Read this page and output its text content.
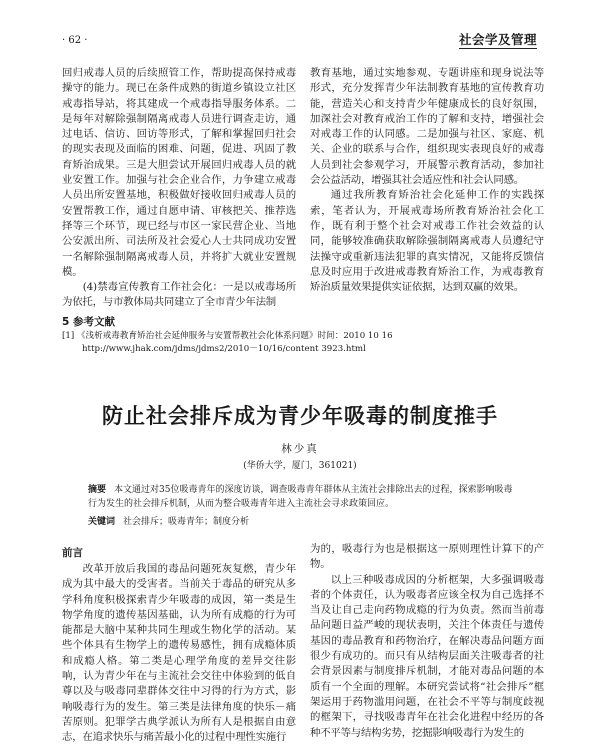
· 62 ·	社会学及管理

回归戒毒人员的后续照管工作，帮助提高保持戒毒操守的能力。现已在条件成熟的街道乡镇设立社区戒毒指导站，将其建成一个戒毒指导服务体系。二是每年对解除强制隔离戒毒人员进行调查走访，通过电话、信访、回访等形式，了解和掌握回归社会的现实表现及面临的困难、问题，促进、巩固了教育矫治成果。三是大胆尝试开展回归戒毒人员的就业安置工作。加强与社会企业合作，力争建立戒毒人员出所安置基地，积极做好接收回归戒毒人员的安置帮教工作，通过自愿申请、审核把关、推荐选择等三个环节，现已经与市区一家民营企业、当地公安派出所、司法所及社会爱心人士共同成功安置一名解除强制隔离戒毒人员，并将扩大就业安置规模。

(4)禁毒宣传教育工作社会化：一是以戒毒场所为依托，与市教体局共同建立了全市青少年法制

教育基地，通过实地参观、专题讲座和现身说法等形式，充分发挥青少年法制教育基地的宣传教育功能，营造关心和支持青少年健康成长的良好氛围，加深社会对教育戒治工作的了解和支持，增强社会对戒毒工作的认同感。二是加强与社区、家庭、机关、企业的联系与合作，组织现实表现良好的戒毒人员到社会参观学习，开展警示教育活动，参加社会公益活动，增强其社会适应性和社会认同感。

通过我所教育矫治社会化延伸工作的实践探索，笔者认为，开展戒毒场所教育矫治社会化工作，既有利于整个社会对戒毒工作社会效益的认同，能够较准确获取解除强制隔离戒毒人员遵纪守法操守或重新违法犯罪的真实情况，又能将反馈信息及时应用于改进戒毒教育矫治工作，为戒毒教育矫治质量效果提供实证依据，达到双赢的效果。

5 参考文献
[1] 《浅析戒毒教育矫治社会延伸服务与安置帮教社会化体系问题》时间：2010 10 16
http://www.jhak.com/jdms/jdms2/2010－10/16/content 3923.html
防止社会排斥成为青少年吸毒的制度推手
林少真
(华侨大学，厦门，361021)
摘要 本文通过对35位吸毒青年的深度访谈，调查吸毒青年群体从主流社会排除出去的过程，探索影响吸毒行为发生的社会排斥机制，从而为整合吸毒青年进入主流社会寻求政策回应。
关键词 社会排斥；吸毒青年；制度分析
前言

改革开放后我国的毒品问题死灰复燃，青少年成为其中最大的受害者。当前关于毒品的研究从多学科角度积极探索青少年吸毒的成因，第一类是生物学角度的遗传基因基础，认为所有成瘾的行为可能都是大脑中某种共同生理或生物化学的活动。某些个体具有生物学上的遗传易感性，拥有成瘾体质和成瘾人格。第二类是心理学角度的差异交往影响，认为青少年在与主流社会交往中体验到的低自尊以及与吸毒同辈群体交往中习得的行为方式，影响吸毒行为的发生。第三类是法律角度的快乐－痛苦原则。犯罪学古典学派认为所有人是根据自由意志，在追求快乐与痛苦最小化的过程中理性实施行

为的，吸毒行为也是根据这一原则理性计算下的产物。

以上三种吸毒成因的分析框架，大多强调吸毒者的个体责任，认为吸毒者应该全权为自己选择不当及让自己走向药物成瘾的行为负责。然而当前毒品问题日益严峻的现状表明，关注个体责任与遗传基因的毒品教育和药物治疗，在解决毒品问题方面很少有成功的。而只有从结构层面关注吸毒者的社会背景因素与制度排斥机制，才能对毒品问题的本质有一个全面的理解。本研究尝试将“社会排斥”框架运用于药物滥用问题，在社会不平等与制度歧视的框架下，寻找吸毒青年在社会化进程中经历的各种不平等与结构劣势，挖掘影响吸毒行为发生的
